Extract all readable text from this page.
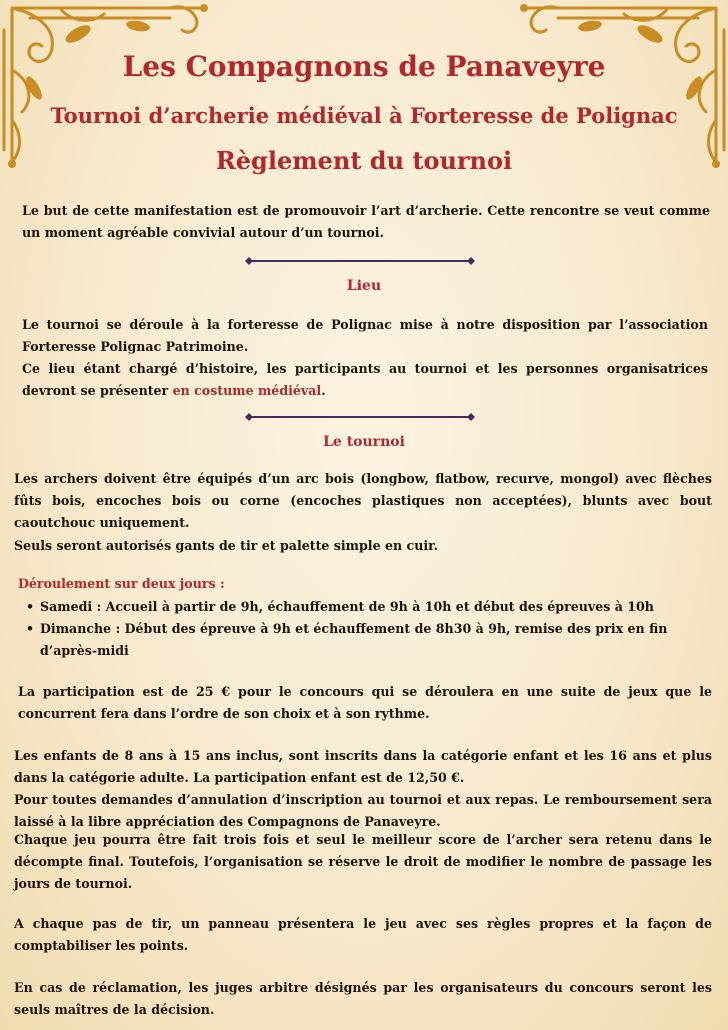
Les Compagnons de Panaveyre
Tournoi d’archerie médiéval à Forteresse de Polignac
Règlement du tournoi

Le but de cette manifestation est de promouvoir l’art d’archerie. Cette rencontre se veut comme un moment agréable convivial autour d’un tournoi.

Lieu

Le tournoi se déroule à la forteresse de Polignac mise à notre disposition par l’association Forteresse Polignac Patrimoine.

Ce lieu étant chargé d’histoire, les participants au tournoi et les personnes organisatrices devront se présenter en costume médiéval.

Le tournoi

Les archers doivent être équipés d’un arc bois (longbow, flatbow, recurve, mongol) avec flèches fûts bois, encoches bois ou corne (encoches plastiques non acceptées), blunts avec bout caoutchouc uniquement.

Seuls seront autorisés gants de tir et palette simple en cuir.

Déroulement sur deux jours :

• Samedi : Accueil à partir de 9h, échauffement de 9h à 10h et début des épreuves à 10h
• Dimanche : Début des épreuve à 9h et échauffement de 8h30 à 9h, remise des prix en fin d’après-midi

La participation est de 25 € pour le concours qui se déroulera en une suite de jeux que le concurrent fera dans l’ordre de son choix et à son rythme.

Les enfants de 8 ans à 15 ans inclus, sont inscrits dans la catégorie enfant et les 16 ans et plus dans la catégorie adulte. La participation enfant est de 12,50 €.

Pour toutes demandes d’annulation d’inscription au tournoi et aux repas. Le remboursement sera laissé à la libre appréciation des Compagnons de Panaveyre.

Chaque jeu pourra être fait trois fois et seul le meilleur score de l’archer sera retenu dans le décompte final. Toutefois, l’organisation se réserve le droit de modifier le nombre de passage les jours de tournoi.

A chaque pas de tir, un panneau présentera le jeu avec ses règles propres et la façon de comptabiliser les points.

En cas de réclamation, les juges arbitre désignés par les organisateurs du concours seront les seuls maîtres de la décision.
